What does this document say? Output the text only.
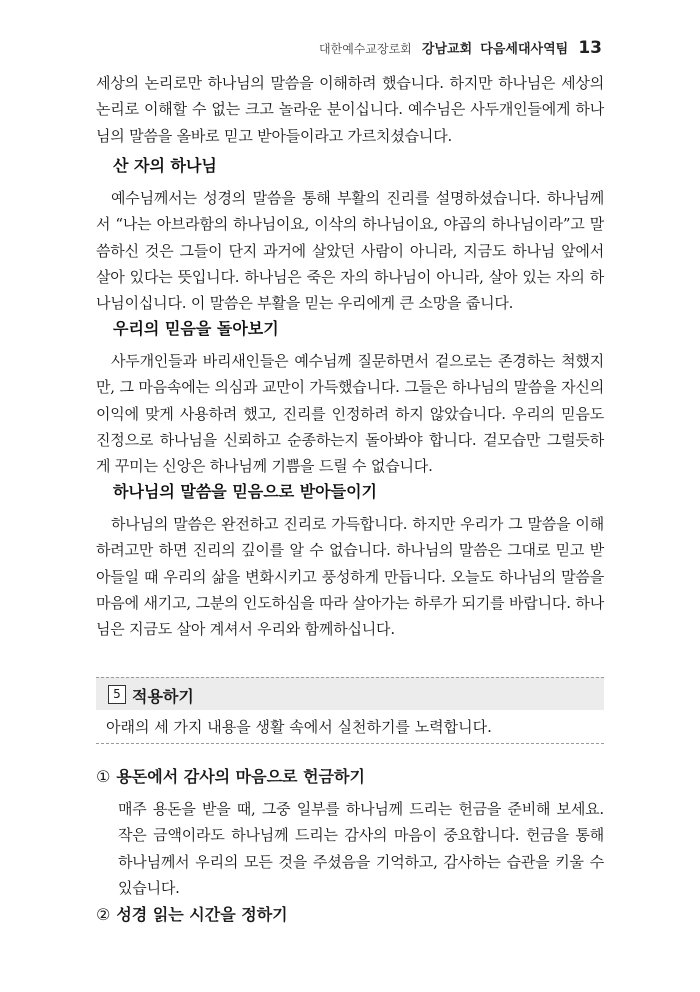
대한예수교장로회 강남교회 다음세대사역팀 13
세상의 논리로만 하나님의 말씀을 이해하려 했습니다. 하지만 하나님은 세상의 논리로 이해할 수 없는 크고 놀라운 분이십니다. 예수님은 사두개인들에게 하나님의 말씀을 올바로 믿고 받아들이라고 가르치셨습니다.
산 자의 하나님
예수님께서는 성경의 말씀을 통해 부활의 진리를 설명하셨습니다. 하나님께서 “나는 아브라함의 하나님이요, 이삭의 하나님이요, 야곱의 하나님이라”고 말씀하신 것은 그들이 단지 과거에 살았던 사람이 아니라, 지금도 하나님 앞에서 살아 있다는 뜻입니다. 하나님은 죽은 자의 하나님이 아니라, 살아 있는 자의 하나님이십니다. 이 말씀은 부활을 믿는 우리에게 큰 소망을 줍니다.
우리의 믿음을 돌아보기
사두개인들과 바리새인들은 예수님께 질문하면서 겉으로는 존경하는 척했지만, 그 마음속에는 의심과 교만이 가득했습니다. 그들은 하나님의 말씀을 자신의 이익에 맞게 사용하려 했고, 진리를 인정하려 하지 않았습니다. 우리의 믿음도 진정으로 하나님을 신뢰하고 순종하는지 돌아봐야 합니다. 겉모습만 그럴듯하게 꾸미는 신앙은 하나님께 기쁨을 드릴 수 없습니다.
하나님의 말씀을 믿음으로 받아들이기
하나님의 말씀은 완전하고 진리로 가득합니다. 하지만 우리가 그 말씀을 이해하려고만 하면 진리의 깊이를 알 수 없습니다. 하나님의 말씀은 그대로 믿고 받아들일 때 우리의 삶을 변화시키고 풍성하게 만듭니다. 오늘도 하나님의 말씀을 마음에 새기고, 그분의 인도하심을 따라 살아가는 하루가 되기를 바랍니다. 하나님은 지금도 살아 계셔서 우리와 함께하십니다.
5 적용하기
아래의 세 가지 내용을 생활 속에서 실천하기를 노력합니다.
① 용돈에서 감사의 마음으로 헌금하기
매주 용돈을 받을 때, 그중 일부를 하나님께 드리는 헌금을 준비해 보세요. 작은 금액이라도 하나님께 드리는 감사의 마음이 중요합니다. 헌금을 통해 하나님께서 우리의 모든 것을 주셨음을 기억하고, 감사하는 습관을 키울 수 있습니다.
② 성경 읽는 시간을 정하기
